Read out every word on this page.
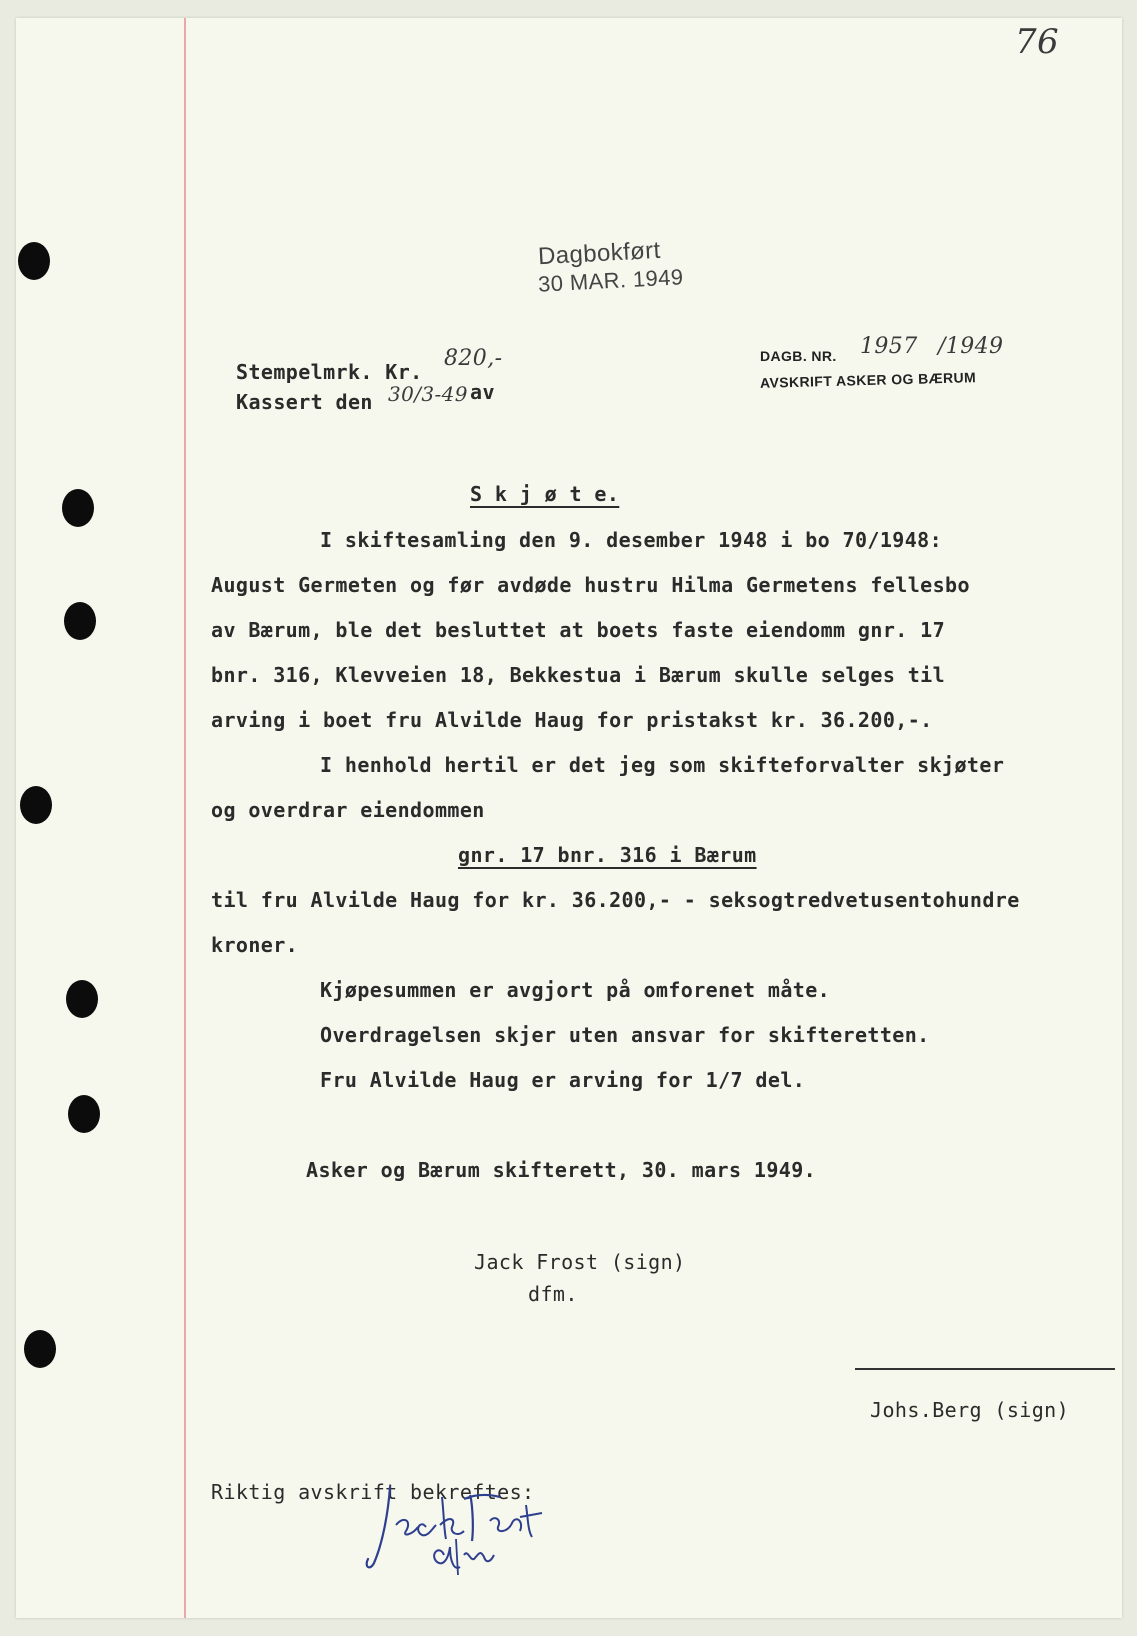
76
Dagbokført
30 MAR. 1949
Stempelmrk. Kr.
820,-
Kassert den 30/3-49 av
DAGB. NR. 1957 /1949
AVSKRIFT ASKER OG BÆRUM
S k j ø t e.
I skiftesamling den 9. desember 1948 i bo 70/1948:
August Germeten og før avdøde hustru Hilma Germetens fellesbo
av Bærum, ble det besluttet at boets faste eiendomm gnr. 17
bnr. 316, Klevveien 18, Bekkestua i Bærum skulle selges til
arving i boet fru Alvilde Haug for pristakst kr. 36.200,-.
I henhold hertil er det jeg som skifteforvalter skjøter
og overdrar eiendommen
gnr. 17 bnr. 316 i Bærum
til fru Alvilde Haug for kr. 36.200,- - seksogtredvetusentohundre
kroner.
Kjøpesummen er avgjort på omforenet måte.
Overdragelsen skjer uten ansvar for skifteretten.
Fru Alvilde Haug er arving for 1/7 del.
Asker og Bærum skifterett, 30. mars 1949.
Jack Frost (sign)
dfm.
Johs.Berg (sign)
Riktig avskrift bekreftes:
